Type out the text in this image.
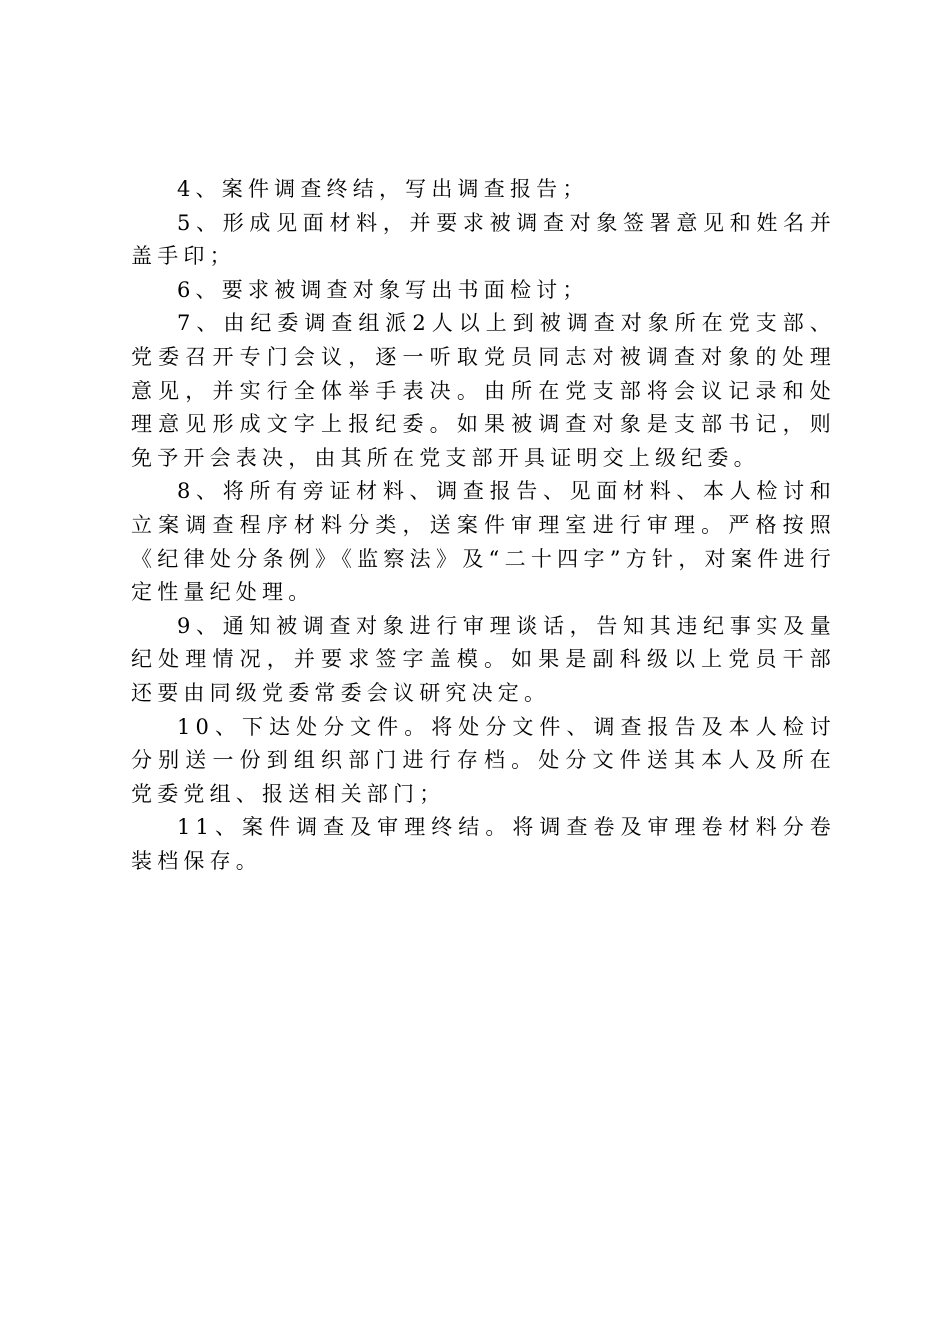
4、案件调查终结，写出调查报告；

5、形成见面材料，并要求被调查对象签署意见和姓名并盖手印；

6、要求被调查对象写出书面检讨；

7、由纪委调查组派2人以上到被调查对象所在党支部、党委召开专门会议，逐一听取党员同志对被调查对象的处理意见，并实行全体举手表决。由所在党支部将会议记录和处理意见形成文字上报纪委。如果被调查对象是支部书记，则免予开会表决，由其所在党支部开具证明交上级纪委。

8、将所有旁证材料、调查报告、见面材料、本人检讨和立案调查程序材料分类，送案件审理室进行审理。严格按照《纪律处分条例》《监察法》及“二十四字”方针，对案件进行定性量纪处理。

9、通知被调查对象进行审理谈话，告知其违纪事实及量纪处理情况，并要求签字盖模。如果是副科级以上党员干部还要由同级党委常委会议研究决定。

10、下达处分文件。将处分文件、调查报告及本人检讨分别送一份到组织部门进行存档。处分文件送其本人及所在党委党组、报送相关部门；

11、案件调查及审理终结。将调查卷及审理卷材料分卷装档保存。
